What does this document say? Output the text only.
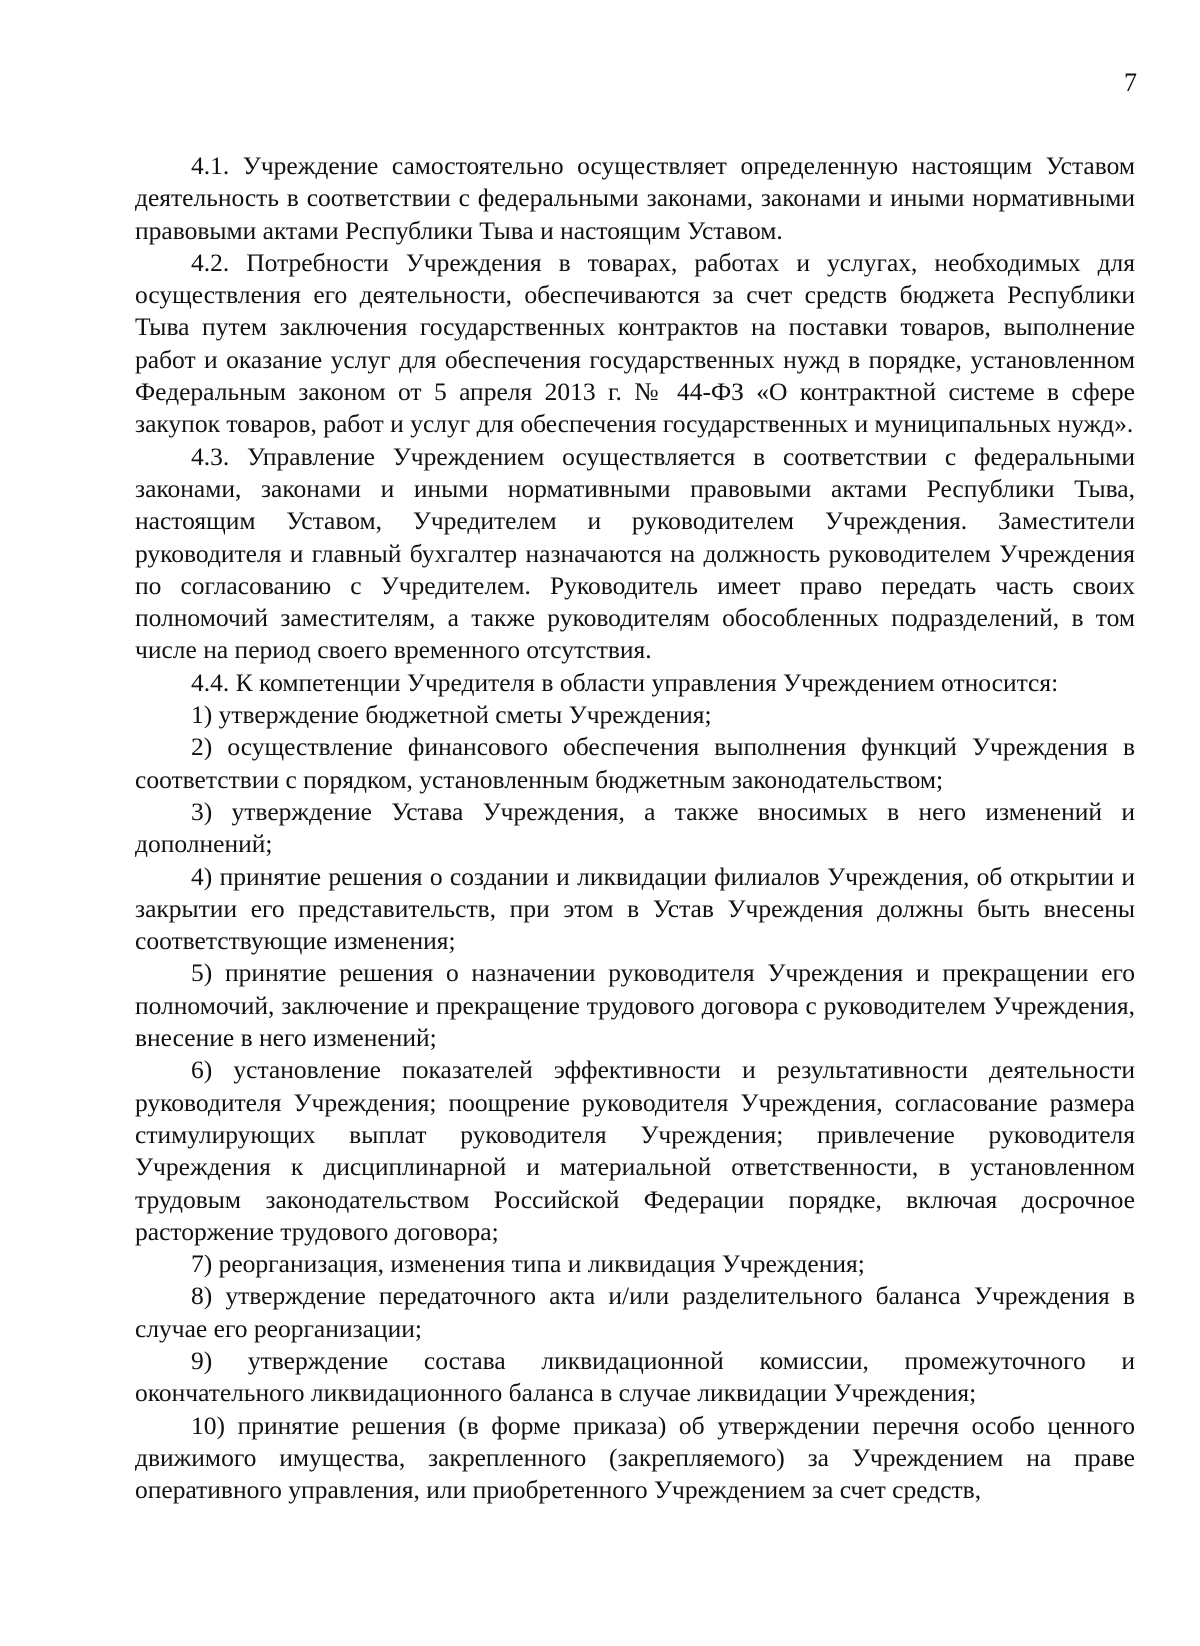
7

4.1. Учреждение самостоятельно осуществляет определенную настоящим Уставом деятельность в соответствии с федеральными законами, законами и иными нормативными правовыми актами Республики Тыва и настоящим Уставом.

4.2. Потребности Учреждения в товарах, работах и услугах, необходимых для осуществления его деятельности, обеспечиваются за счет средств бюджета Республики Тыва путем заключения государственных контрактов на поставки товаров, выполнение работ и оказание услуг для обеспечения государственных нужд в порядке, установленном Федеральным законом от 5 апреля 2013 г. № 44-ФЗ «О контрактной системе в сфере закупок товаров, работ и услуг для обеспечения государственных и муниципальных нужд».

4.3. Управление Учреждением осуществляется в соответствии с федеральными законами, законами и иными нормативными правовыми актами Республики Тыва, настоящим Уставом, Учредителем и руководителем Учреждения. Заместители руководителя и главный бухгалтер назначаются на должность руководителем Учреждения по согласованию с Учредителем. Руководитель имеет право передать часть своих полномочий заместителям, а также руководителям обособленных подразделений, в том числе на период своего временного отсутствия.

4.4. К компетенции Учредителя в области управления Учреждением относится:

1) утверждение бюджетной сметы Учреждения;

2) осуществление финансового обеспечения выполнения функций Учреждения в соответствии с порядком, установленным бюджетным законодательством;

3) утверждение Устава Учреждения, а также вносимых в него изменений и дополнений;

4) принятие решения о создании и ликвидации филиалов Учреждения, об открытии и закрытии его представительств, при этом в Устав Учреждения должны быть внесены соответствующие изменения;

5) принятие решения о назначении руководителя Учреждения и прекращении его полномочий, заключение и прекращение трудового договора с руководителем Учреждения, внесение в него изменений;

6) установление показателей эффективности и результативности деятельности руководителя Учреждения; поощрение руководителя Учреждения, согласование размера стимулирующих выплат руководителя Учреждения; привлечение руководителя Учреждения к дисциплинарной и материальной ответственности, в установленном трудовым законодательством Российской Федерации порядке, включая досрочное расторжение трудового договора;

7) реорганизация, изменения типа и ликвидация Учреждения;

8) утверждение передаточного акта и/или разделительного баланса Учреждения в случае его реорганизации;

9) утверждение состава ликвидационной комиссии, промежуточного и окончательного ликвидационного баланса в случае ликвидации Учреждения;

10) принятие решения (в форме приказа) об утверждении перечня особо ценного движимого имущества, закрепленного (закрепляемого) за Учреждением на праве оперативного управления, или приобретенного Учреждением за счет средств,
